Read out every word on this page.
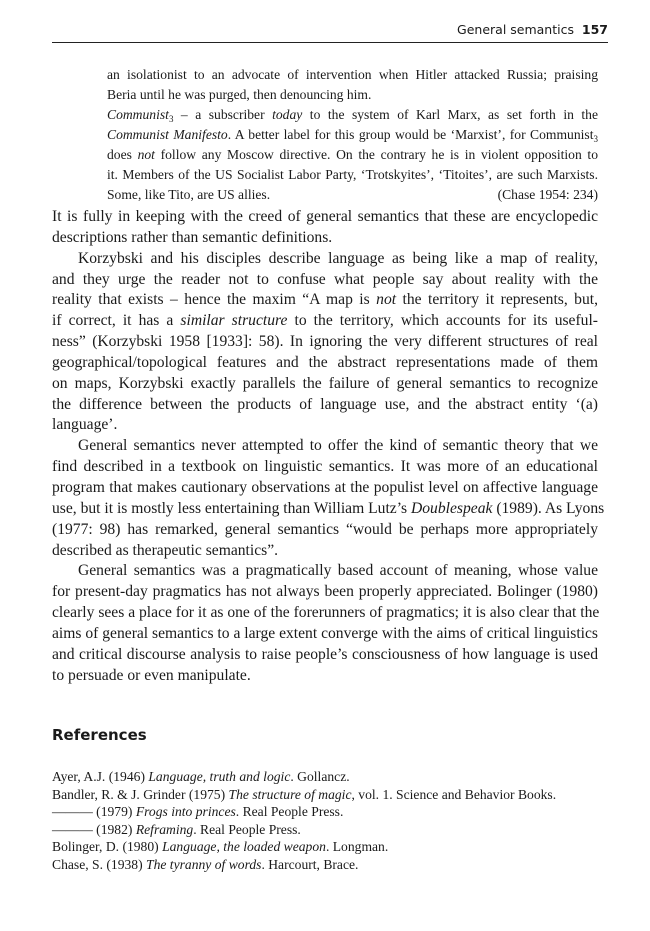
General semantics 157
an isolationist to an advocate of intervention when Hitler attacked Russia; praising
Beria until he was purged, then denouncing him.
Communist$_3$ – a subscriber today to the system of Karl Marx, as set forth in the
Communist Manifesto. A better label for this group would be ‘Marxist’, for Communist$_3$
does not follow any Moscow directive. On the contrary he is in violent opposition to
it. Members of the US Socialist Labor Party, ‘Trotskyites’, ‘Titoites’, are such Marxists.
Some, like Tito, are US allies.	(Chase 1954: 234)
It is fully in keeping with the creed of general semantics that these are encyclopedic
descriptions rather than semantic definitions.
Korzybski and his disciples describe language as being like a map of reality,
and they urge the reader not to confuse what people say about reality with the
reality that exists – hence the maxim “A map is not the territory it represents, but,
if correct, it has a similar structure to the territory, which accounts for its useful-
ness” (Korzybski 1958 [1933]: 58). In ignoring the very different structures of real
geographical/topological features and the abstract representations made of them
on maps, Korzybski exactly parallels the failure of general semantics to recognize
the difference between the products of language use, and the abstract entity ‘(a)
language’.
General semantics never attempted to offer the kind of semantic theory that we
find described in a textbook on linguistic semantics. It was more of an educational
program that makes cautionary observations at the populist level on affective language
use, but it is mostly less entertaining than William Lutz’s Doublespeak (1989). As Lyons
(1977: 98) has remarked, general semantics “would be perhaps more appropriately
described as therapeutic semantics”.
General semantics was a pragmatically based account of meaning, whose value
for present-day pragmatics has not always been properly appreciated. Bolinger (1980)
clearly sees a place for it as one of the forerunners of pragmatics; it is also clear that the
aims of general semantics to a large extent converge with the aims of critical linguistics
and critical discourse analysis to raise people’s consciousness of how language is used
to persuade or even manipulate.
References
Ayer, A.J. (1946) Language, truth and logic. Gollancz.
Bandler, R. & J. Grinder (1975) The structure of magic, vol. 1. Science and Behavior Books.
——— (1979) Frogs into princes. Real People Press.
——— (1982) Reframing. Real People Press.
Bolinger, D. (1980) Language, the loaded weapon. Longman.
Chase, S. (1938) The tyranny of words. Harcourt, Brace.
